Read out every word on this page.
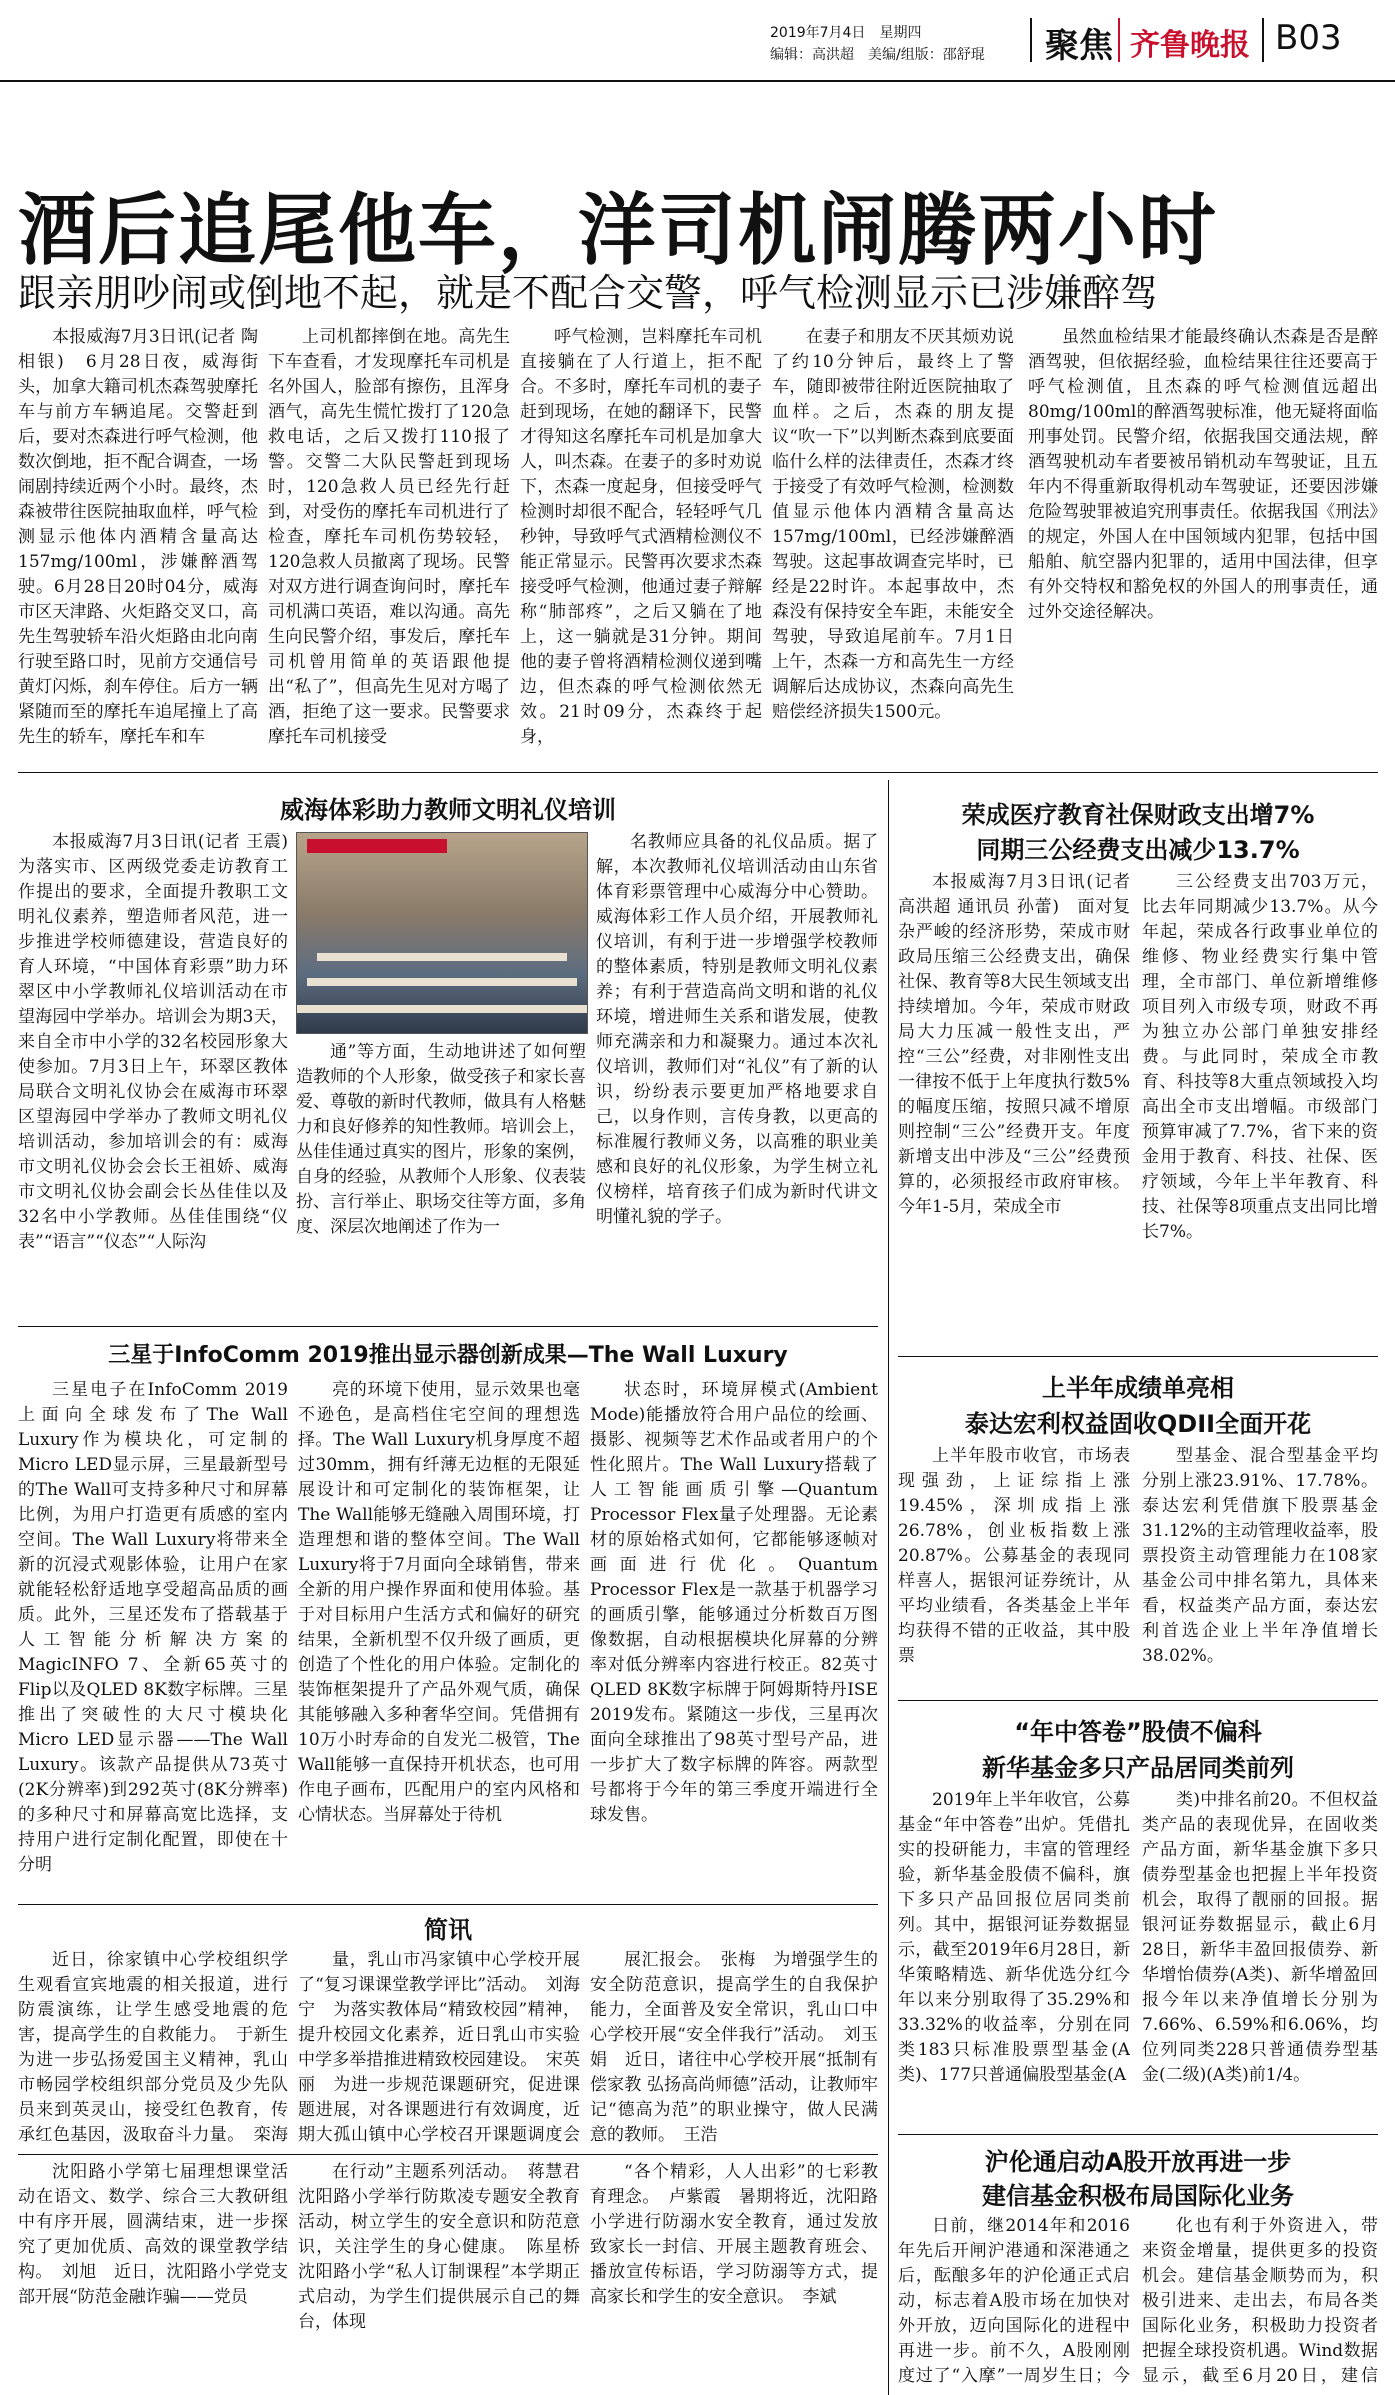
2019年7月4日　星期四
编辑：高洪超　美编/组版：邵舒琨 聚焦 齐鲁晚报 B03
酒后追尾他车，洋司机闹腾两小时
跟亲朋吵闹或倒地不起，就是不配合交警，呼气检测显示已涉嫌醉驾

本报威海7月3日讯(记者 陶相银)　6月28日夜，威海街头，加拿大籍司机杰森驾驶摩托车与前方车辆追尾。交警赶到后，要对杰森进行呼气检测，他数次倒地，拒不配合调查，一场闹剧持续近两个小时。最终，杰森被带往医院抽取血样，呼气检测显示他体内酒精含量高达157mg/100ml，涉嫌醉酒驾驶。6月28日20时04分，威海市区天津路、火炬路交叉口，高先生驾驶轿车沿火炬路由北向南行驶至路口时，见前方交通信号黄灯闪烁，刹车停住。后方一辆紧随而至的摩托车追尾撞上了高先生的轿车，摩托车和车

上司机都摔倒在地。高先生下车查看，才发现摩托车司机是名外国人，脸部有擦伤，且浑身酒气，高先生慌忙拨打了120急救电话，之后又拨打110报了警。交警二大队民警赶到现场时，120急救人员已经先行赶到，对受伤的摩托车司机进行了检查，摩托车司机伤势较轻，120急救人员撤离了现场。民警对双方进行调查询问时，摩托车司机满口英语，难以沟通。高先生向民警介绍，事发后，摩托车司机曾用简单的英语跟他提出“私了”，但高先生见对方喝了酒，拒绝了这一要求。民警要求摩托车司机接受

呼气检测，岂料摩托车司机直接躺在了人行道上，拒不配合。不多时，摩托车司机的妻子赶到现场，在她的翻译下，民警才得知这名摩托车司机是加拿大人，叫杰森。在妻子的多时劝说下，杰森一度起身，但接受呼气检测时却很不配合，轻轻呼气几秒钟，导致呼气式酒精检测仪不能正常显示。民警再次要求杰森接受呼气检测，他通过妻子辩解称“肺部疼”，之后又躺在了地上，这一躺就是31分钟。期间他的妻子曾将酒精检测仪递到嘴边，但杰森的呼气检测依然无效。21时09分，杰森终于起身，

在妻子和朋友不厌其烦劝说了约10分钟后，最终上了警车，随即被带往附近医院抽取了血样。之后，杰森的朋友提议“吹一下”以判断杰森到底要面临什么样的法律责任，杰森才终于接受了有效呼气检测，检测数值显示他体内酒精含量高达157mg/100ml，已经涉嫌醉酒驾驶。这起事故调查完毕时，已经是22时许。本起事故中，杰森没有保持安全车距，未能安全驾驶，导致追尾前车。7月1日上午，杰森一方和高先生一方经调解后达成协议，杰森向高先生赔偿经济损失1500元。

虽然血检结果才能最终确认杰森是否是醉酒驾驶，但依据经验，血检结果往往还要高于呼气检测值，且杰森的呼气检测值远超出80mg/100ml的醉酒驾驶标准，他无疑将面临刑事处罚。民警介绍，依据我国交通法规，醉酒驾驶机动车者要被吊销机动车驾驶证，且五年内不得重新取得机动车驾驶证，还要因涉嫌危险驾驶罪被追究刑事责任。依据我国《刑法》的规定，外国人在中国领域内犯罪，包括中国船舶、航空器内犯罪的，适用中国法律，但享有外交特权和豁免权的外国人的刑事责任，通过外交途径解决。

威海体彩助力教师文明礼仪培训

本报威海7月3日讯(记者 王震)　为落实市、区两级党委走访教育工作提出的要求，全面提升教职工文明礼仪素养，塑造师者风范，进一步推进学校师德建设，营造良好的育人环境，“中国体育彩票”助力环翠区中小学教师礼仪培训活动在市望海园中学举办。培训会为期3天，来自全市中小学的32名校园形象大使参加。7月3日上午，环翠区教体局联合文明礼仪协会在威海市环翠区望海园中学举办了教师文明礼仪培训活动，参加培训会的有：威海市文明礼仪协会会长王祖娇、威海市文明礼仪协会副会长丛佳佳以及32名中小学教师。丛佳佳围绕“仪表”“语言”“仪态”“人际沟

通”等方面，生动地讲述了如何塑造教师的个人形象，做受孩子和家长喜爱、尊敬的新时代教师，做具有人格魅力和良好修养的知性教师。培训会上，丛佳佳通过真实的图片，形象的案例，自身的经验，从教师个人形象、仪表装扮、言行举止、职场交往等方面，多角度、深层次地阐述了作为一

名教师应具备的礼仪品质。据了解，本次教师礼仪培训活动由山东省体育彩票管理中心威海分中心赞助。威海体彩工作人员介绍，开展教师礼仪培训，有利于进一步增强学校教师的整体素质，特别是教师文明礼仪素养；有利于营造高尚文明和谐的礼仪环境，增进师生关系和谐发展，使教师充满亲和力和凝聚力。通过本次礼仪培训，教师们对“礼仪”有了新的认识，纷纷表示要更加严格地要求自己，以身作则，言传身教，以更高的标准履行教师义务，以高雅的职业美感和良好的礼仪形象，为学生树立礼仪榜样，培育孩子们成为新时代讲文明懂礼貌的学子。

三星于InfoComm 2019推出显示器创新成果—The Wall Luxury

三星电子在InfoComm 2019上面向全球发布了The Wall Luxury作为模块化，可定制的Micro LED显示屏，三星最新型号的The Wall可支持多种尺寸和屏幕比例，为用户打造更有质感的室内空间。The Wall Luxury将带来全新的沉浸式观影体验，让用户在家就能轻松舒适地享受超高品质的画质。此外，三星还发布了搭载基于人工智能分析解决方案的MagicINFO 7、全新65英寸的Flip以及QLED 8K数字标牌。三星推出了突破性的大尺寸模块化Micro LED显示器——The Wall Luxury。该款产品提供从73英寸(2K分辨率)到292英寸(8K分辨率)的多种尺寸和屏幕高宽比选择，支持用户进行定制化配置，即使在十分明

亮的环境下使用，显示效果也毫不逊色，是高档住宅空间的理想选择。The Wall Luxury机身厚度不超过30mm，拥有纤薄无边框的无限延展设计和可定制化的装饰框架，让The Wall能够无缝融入周围环境，打造理想和谐的整体空间。The Wall Luxury将于7月面向全球销售，带来全新的用户操作界面和使用体验。基于对目标用户生活方式和偏好的研究结果，全新机型不仅升级了画质，更创造了个性化的用户体验。定制化的装饰框架提升了产品外观气质，确保其能够融入多种奢华空间。凭借拥有10万小时寿命的自发光二极管，The Wall能够一直保持开机状态，也可用作电子画布，匹配用户的室内风格和心情状态。当屏幕处于待机

状态时，环境屏模式(Ambient Mode)能播放符合用户品位的绘画、摄影、视频等艺术作品或者用户的个性化照片。The Wall Luxury搭载了人工智能画质引擎—Quantum Processor Flex量子处理器。无论素材的原始格式如何，它都能够逐帧对画面进行优化。Quantum Processor Flex是一款基于机器学习的画质引擎，能够通过分析数百万图像数据，自动根据模块化屏幕的分辨率对低分辨率内容进行校正。82英寸QLED 8K数字标牌于阿姆斯特丹ISE 2019发布。紧随这一步伐，三星再次面向全球推出了98英寸型号产品，进一步扩大了数字标牌的阵容。两款型号都将于今年的第三季度开端进行全球发售。

简讯

近日，徐家镇中心学校组织学生观看宣宾地震的相关报道，进行防震演练，让学生感受地震的危害，提高学生的自救能力。　于新生　为进一步弘扬爱国主义精神，乳山市畅园学校组织部分党员及少先队员来到英灵山，接受红色教育，传承红色基因，汲取奋斗力量。　栾海　

量，乳山市冯家镇中心学校开展了“复习课课堂教学评比”活动。　刘海宁　为落实教体局“精致校园”精神，提升校园文化素养，近日乳山市实验中学多举措推进精致校园建设。　宋英丽　为进一步规范课题研究，促进课题进展，对各课题进行有效调度，近期大孤山镇中心学校召开课题调度会

展汇报会。　张梅　为增强学生的安全防范意识，提高学生的自我保护能力，全面普及安全常识，乳山口中心学校开展“安全伴我行”活动。　刘玉娟　近日，诸往中心学校开展“抵制有偿家教 弘扬高尚师德”活动，让教师牢记“德高为范”的职业操守，做人民满意的教师。　王浩

沈阳路小学第七届理想课堂活动在语文、数学、综合三大教研组中有序开展，圆满结束，进一步探究了更加优质、高效的课堂教学结构。　刘旭　近日，沈阳路小学党支部开展“防范金融诈骗——党员

在行动”主题系列活动。　蒋慧君　沈阳路小学举行防欺凌专题安全教育活动，树立学生的安全意识和防范意识，关注学生的身心健康。　陈星桥　沈阳路小学“私人订制课程”本学期正式启动，为学生们提供展示自己的舞台，体现

“各个精彩，人人出彩”的七彩教育理念。　卢紫霞　暑期将近，沈阳路小学进行防溺水安全教育，通过发放致家长一封信、开展主题教育班会、播放宣传标语，学习防溺等方式，提高家长和学生的安全意识。　李斌

荣成医疗教育社保财政支出增7%
同期三公经费支出减少13.7%

本报威海7月3日讯(记者 高洪超 通讯员 孙蕾)　面对复杂严峻的经济形势，荣成市财政局压缩三公经费支出，确保社保、教育等8大民生领域支出持续增加。今年，荣成市财政局大力压减一般性支出，严控“三公”经费，对非刚性支出一律按不低于上年度执行数5%的幅度压缩，按照只减不增原则控制“三公”经费开支。年度新增支出中涉及“三公”经费预算的，必须报经市政府审核。今年1-5月，荣成全市

三公经费支出703万元，比去年同期减少13.7%。从今年起，荣成各行政事业单位的维修、物业经费实行集中管理，全市部门、单位新增维修项目列入市级专项，财政不再为独立办公部门单独安排经费。与此同时，荣成全市教育、科技等8大重点领域投入均高出全市支出增幅。市级部门预算审减了7.7%，省下来的资金用于教育、科技、社保、医疗领域，今年上半年教育、科技、社保等8项重点支出同比增长7%。

上半年成绩单亮相
泰达宏利权益固收QDII全面开花

上半年股市收官，市场表现强劲，上证综指上涨19.45%，深圳成指上涨26.78%，创业板指数上涨20.87%。公募基金的表现同样喜人，据银河证券统计，从平均业绩看，各类基金上半年均获得不错的正收益，其中股票

型基金、混合型基金平均分别上涨23.91%、17.78%。泰达宏利凭借旗下股票基金31.12%的主动管理收益率，股票投资主动管理能力在108家基金公司中排名第九，具体来看，权益类产品方面，泰达宏利首选企业上半年净值增长38.02%。

“年中答卷”股债不偏科
新华基金多只产品居同类前列

2019年上半年收官，公募基金“年中答卷”出炉。凭借扎实的投研能力，丰富的管理经验，新华基金股债不偏科，旗下多只产品回报位居同类前列。其中，据银河证券数据显示，截至2019年6月28日，新华策略精选、新华优选分红今年以来分别取得了35.29%和33.32%的收益率，分别在同类183只标准股票型基金(A类)、177只普通偏股型基金(A

类)中排名前20。不但权益类产品的表现优异，在固收类产品方面，新华基金旗下多只债券型基金也把握上半年投资机会，取得了靓丽的回报。据银河证券数据显示，截止6月28日，新华丰盈回报债券、新华增怡债券(A类)、新华增盈回报今年以来净值增长分别为7.66%、6.59%和6.06%，均位列同类228只普通债券型基金(二级)(A类)前1/4。

沪伦通启动A股开放再进一步
建信基金积极布局国际化业务

日前，继2014年和2016年先后开闸沪港通和深港通之后，酝酿多年的沪伦通正式启动，标志着A股市场在加快对外开放，迈向国际化的进程中再进一步。前不久，A股刚刚度过了“入摩”一周岁生日；今

化也有利于外资进入，带来资金增量，提供更多的投资机会。建信基金顺势而为，积极引进来、走出去，布局各类国际化业务，积极助力投资者把握全球投资机遇。Wind数据显示，截至6月20日，建信
